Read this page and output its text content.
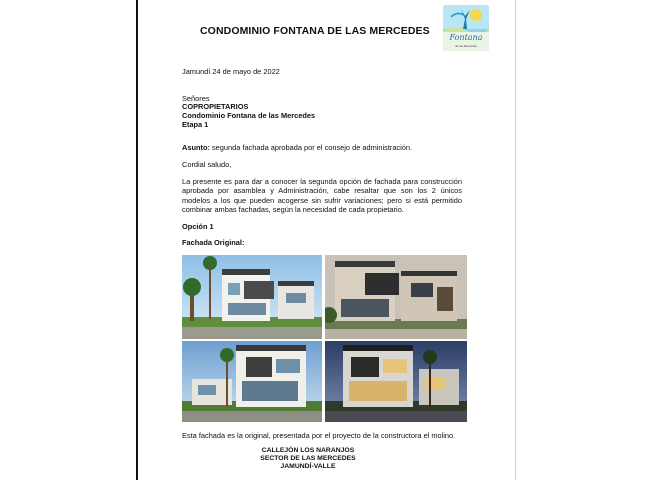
CONDOMINIO FONTANA DE LAS MERCEDES
Fontana
de las Mercedes
Jamundí 24 de mayo de 2022
Señores
COPROPIETARIOS
Condominio Fontana de las Mercedes
Etapa 1
Asunto: segunda fachada aprobada por el consejo de administración.
Cordial saludo,
La presente es para dar a conocer la segunda opción de fachada para construcción aprobada por asamblea y Administración, cabe resaltar que son los 2 únicos modelos a los que pueden acogerse sin sufrir variaciones; pero si está permitido combinar ambas fachadas, según la necesidad de cada propietario.
Opción 1
Fachada Original:
Esta fachada es la original, presentada por el proyecto de la constructora el molino.
CALLEJÓN LOS NARANJOS
SECTOR DE LAS MERCEDES
JAMUNDÍ-VALLE
